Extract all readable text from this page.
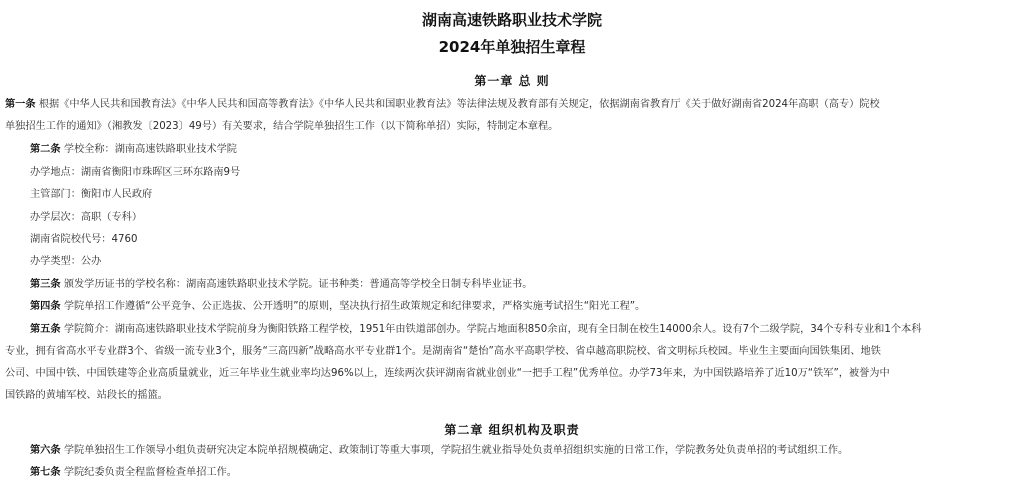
湖南高速铁路职业技术学院
2024年单独招生章程
第一章 总 则

第一条 根据《中华人民共和国教育法》《中华人民共和国高等教育法》《中华人民共和国职业教育法》等法律法规及教育部有关规定，依据湖南省教育厅《关于做好湖南省2024年高职（高专）院校

单独招生工作的通知》（湘教发〔2023〕49号）有关要求，结合学院单独招生工作（以下简称单招）实际，特制定本章程。

第二条 学校全称：湖南高速铁路职业技术学院

办学地点：湖南省衡阳市珠晖区三环东路南9号

主管部门：衡阳市人民政府

办学层次：高职（专科）

湖南省院校代号：4760

办学类型：公办

第三条 颁发学历证书的学校名称：湖南高速铁路职业技术学院。证书种类：普通高等学校全日制专科毕业证书。

第四条 学院单招工作遵循“公平竞争、公正选拔、公开透明”的原则，坚决执行招生政策规定和纪律要求，严格实施考试招生“阳光工程”。

第五条 学院简介：湖南高速铁路职业技术学院前身为衡阳铁路工程学校，1951年由铁道部创办。学院占地面积850余亩，现有全日制在校生14000余人。设有7个二级学院，34个专科专业和1个本科

专业，拥有省高水平专业群3个、省级一流专业3个，服务“三高四新”战略高水平专业群1个。是湖南省“楚怡”高水平高职学校、省卓越高职院校、省文明标兵校园。毕业生主要面向国铁集团、地铁

公司、中国中铁、中国铁建等企业高质量就业，近三年毕业生就业率均达96%以上，连续两次获评湖南省就业创业“一把手工程”优秀单位。办学73年来，为中国铁路培养了近10万“铁军”，被誉为中

国铁路的黄埔军校、站段长的摇篮。

第二章 组织机构及职责

第六条 学院单独招生工作领导小组负责研究决定本院单招规模确定、政策制订等重大事项，学院招生就业指导处负责单招组织实施的日常工作，学院教务处负责单招的考试组织工作。

第七条 学院纪委负责全程监督检查单招工作。
